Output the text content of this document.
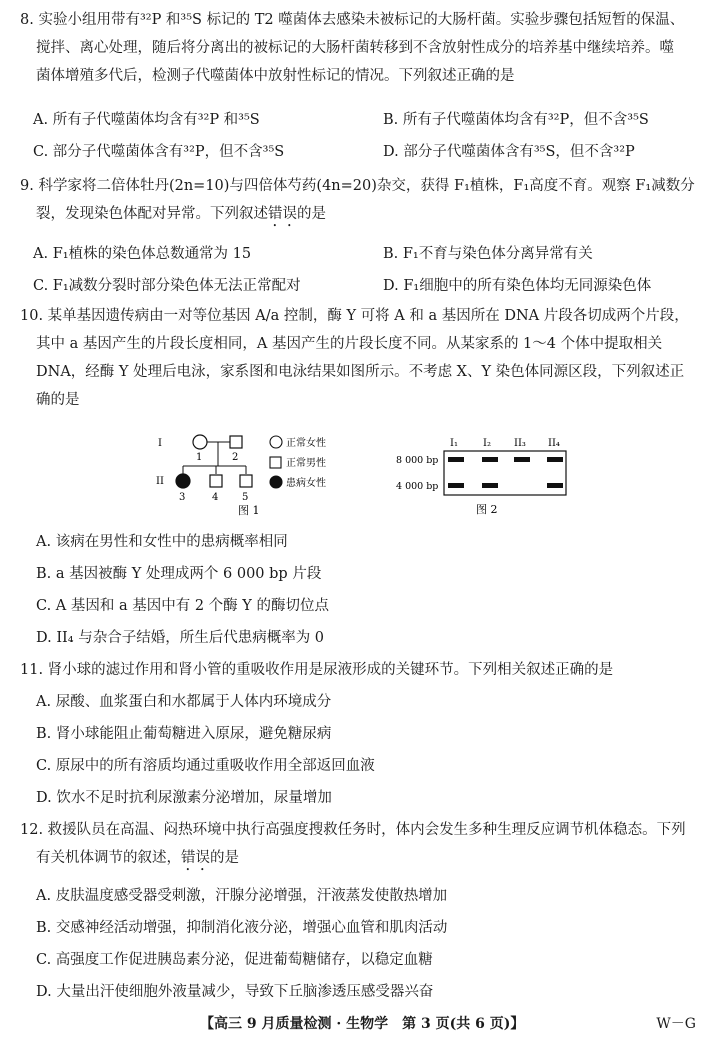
8. 实验小组用带有³²P 和³⁵S 标记的 T2 噬菌体去感染未被标记的大肠杆菌。实验步骤包括短暂的保温、
搅拌、离心处理，随后将分离出的被标记的大肠杆菌转移到不含放射性成分的培养基中继续培养。噬
菌体增殖多代后，检测子代噬菌体中放射性标记的情况。下列叙述正确的是
A. 所有子代噬菌体均含有³²P 和³⁵S	B. 所有子代噬菌体均含有³²P，但不含³⁵S
C. 部分子代噬菌体含有³²P，但不含³⁵S	D. 部分子代噬菌体含有³⁵S，但不含³²P
9. 科学家将二倍体牡丹(2n=10)与四倍体芍药(4n=20)杂交，获得 F₁植株，F₁高度不育。观察 F₁减数分
裂，发现染色体配对异常。下列叙述错误的是
A. F₁植株的染色体总数通常为 15	B. F₁不育与染色体分离异常有关
C. F₁减数分裂时部分染色体无法正常配对	D. F₁细胞中的所有染色体均无同源染色体
10. 某单基因遗传病由一对等位基因 A/a 控制，酶 Y 可将 A 和 a 基因所在 DNA 片段各切成两个片段，
其中 a 基因产生的片段长度相同，A 基因产生的片段长度不同。从某家系的 1～4 个体中提取相关
DNA，经酶 Y 处理后电泳，家系图和电泳结果如图所示。不考虑 X、Y 染色体同源区段，下列叙述正
确的是
I
II
1	2
3	4 5
正常女性
正常男性
患病女性
图 1
I₁	I₂ II₃ II₄
8 000 bp
4 000 bp
图 2
A. 该病在男性和女性中的患病概率相同
B. a 基因被酶 Y 处理成两个 6 000 bp 片段
C. A 基因和 a 基因中有 2 个酶 Y 的酶切位点
D. II₄ 与杂合子结婚，所生后代患病概率为 0
11. 肾小球的滤过作用和肾小管的重吸收作用是尿液形成的关键环节。下列相关叙述正确的是
A. 尿酸、血浆蛋白和水都属于人体内环境成分
B. 肾小球能阻止葡萄糖进入原尿，避免糖尿病
C. 原尿中的所有溶质均通过重吸收作用全部返回血液
D. 饮水不足时抗利尿激素分泌增加，尿量增加
12. 救援队员在高温、闷热环境中执行高强度搜救任务时，体内会发生多种生理反应调节机体稳态。下列
有关机体调节的叙述，错误的是
A. 皮肤温度感受器受刺激，汗腺分泌增强，汗液蒸发使散热增加
B. 交感神经活动增强，抑制消化液分泌，增强心血管和肌肉活动
C. 高强度工作促进胰岛素分泌，促进葡萄糖储存，以稳定血糖
D. 大量出汗使细胞外液量减少，导致下丘脑渗透压感受器兴奋
【高三 9 月质量检测 · 生物学　第 3 页(共 6 页)】	W－G
